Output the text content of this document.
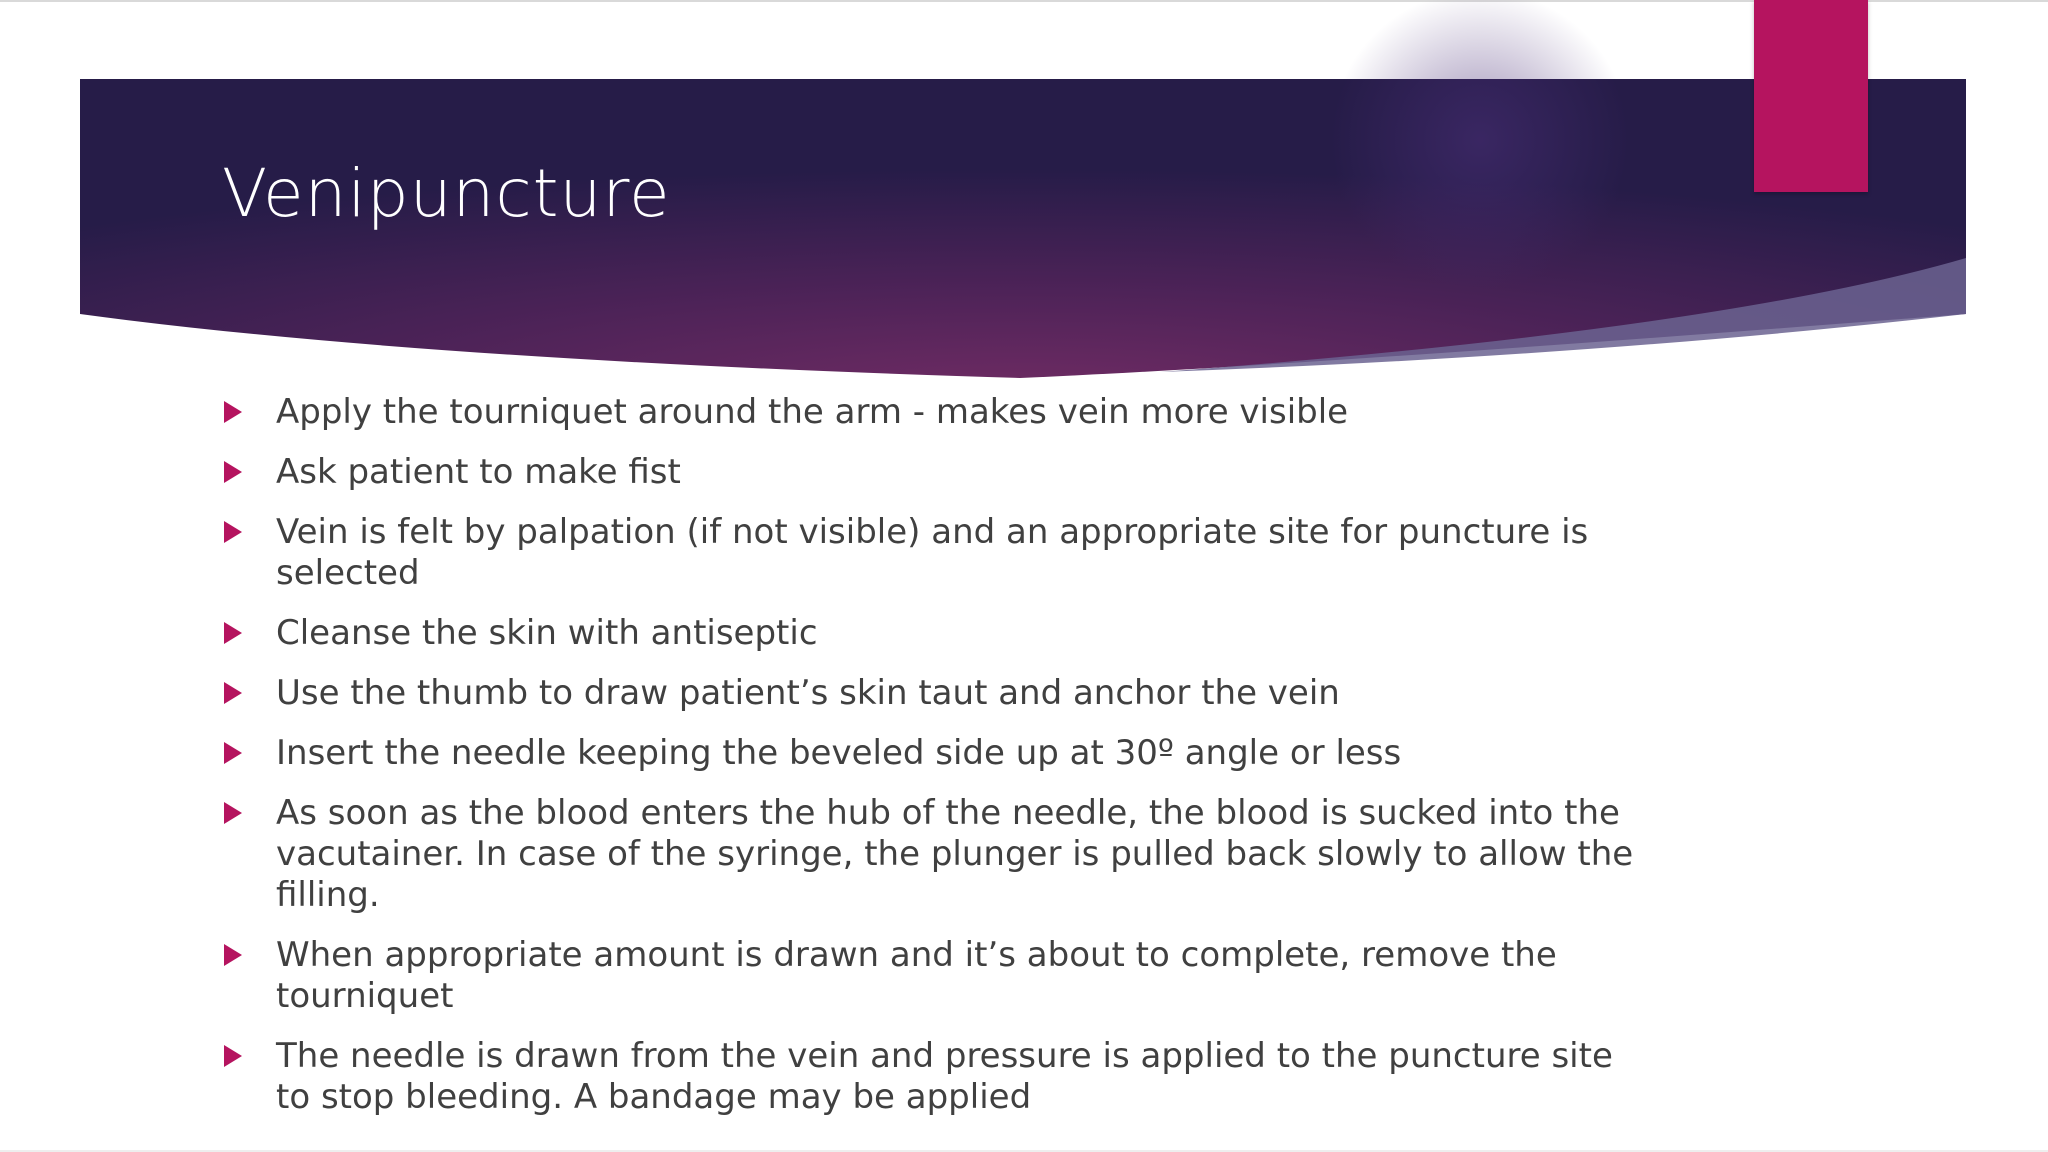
Venipuncture
Apply the tourniquet around the arm - makes vein more visible
Ask patient to make fist
Vein is felt by palpation (if not visible) and an appropriate site for puncture is selected
Cleanse the skin with antiseptic
Use the thumb to draw patient’s skin taut and anchor the vein
Insert the needle keeping the beveled side up at 30º angle or less
As soon as the blood enters the hub of the needle, the blood is sucked into the vacutainer. In case of the syringe, the plunger is pulled back slowly to allow the filling.
When appropriate amount is drawn and it’s about to complete, remove the tourniquet
The needle is drawn from the vein and pressure is applied to the puncture site to stop bleeding. A bandage may be applied
